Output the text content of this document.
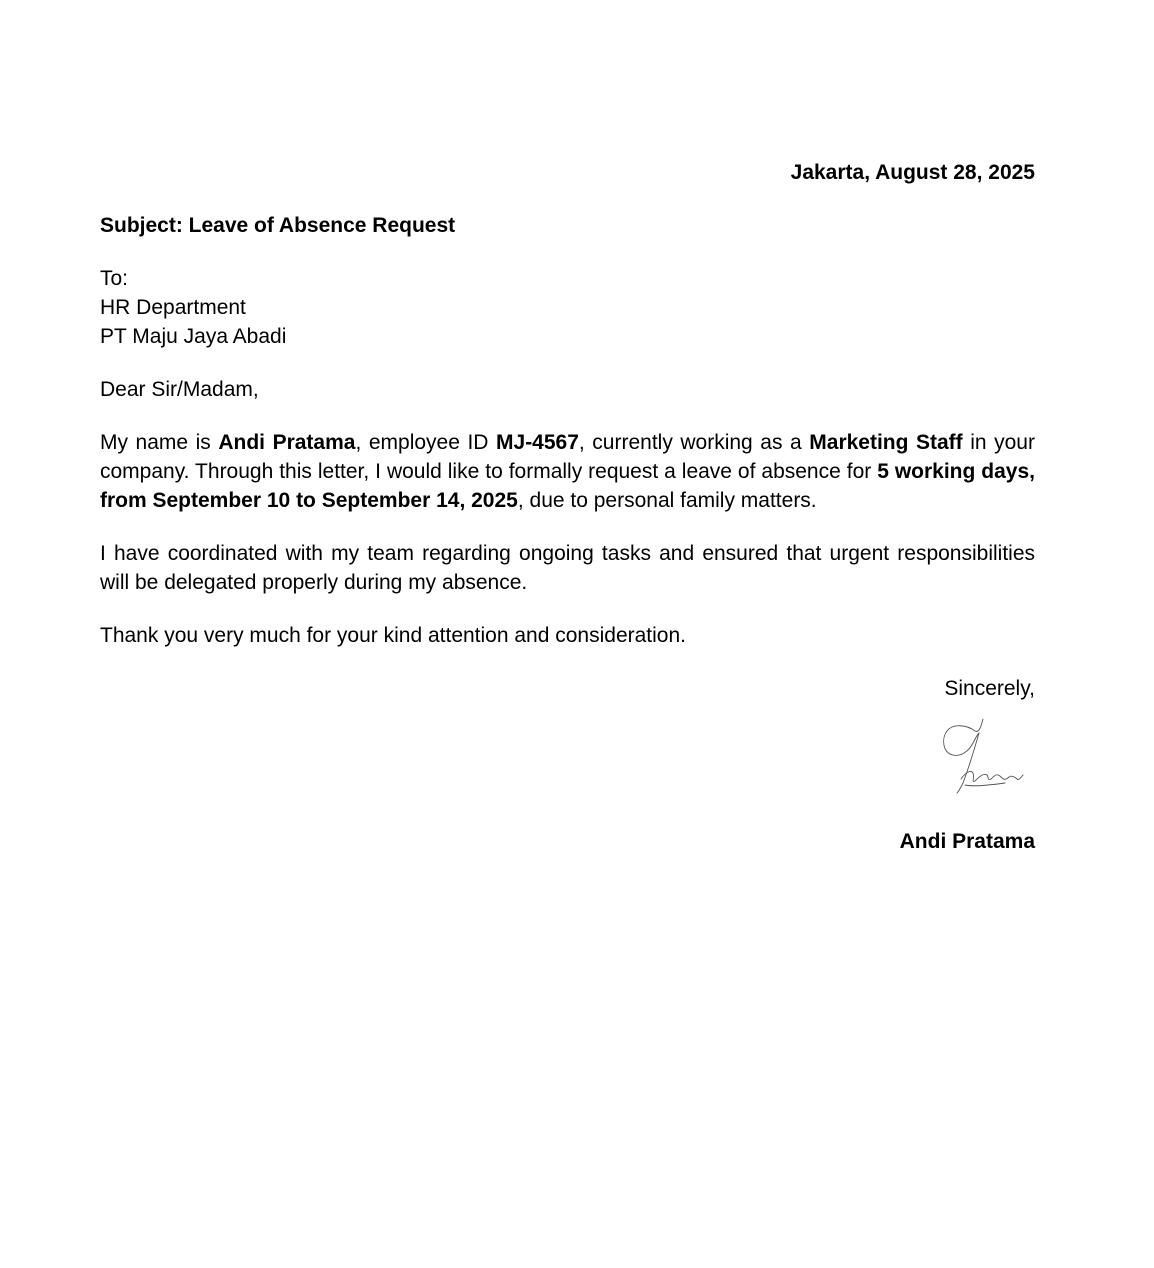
Jakarta, August 28, 2025

Subject: Leave of Absence Request

To:
HR Department
PT Maju Jaya Abadi

Dear Sir/Madam,

My name is Andi Pratama, employee ID MJ-4567, currently working as a Marketing Staff in your company. Through this letter, I would like to formally request a leave of absence for 5 working days, from September 10 to September 14, 2025, due to personal family matters.

I have coordinated with my team regarding ongoing tasks and ensured that urgent responsibilities will be delegated properly during my absence.

Thank you very much for your kind attention and consideration.

Sincerely,

Andi Pratama
